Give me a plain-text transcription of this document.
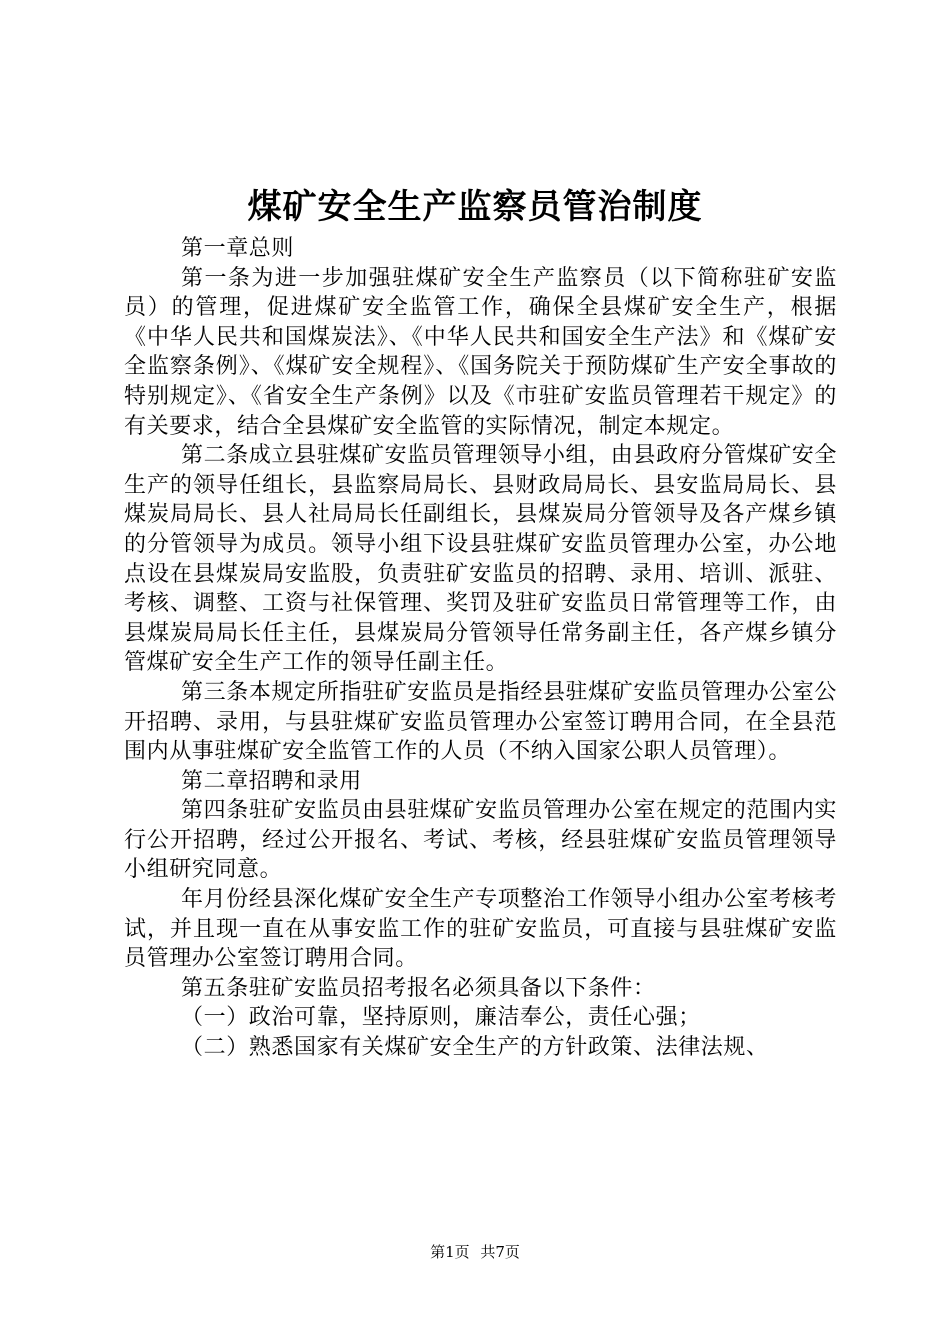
煤矿安全生产监察员管治制度

第一章总则

第一条为进一步加强驻煤矿安全生产监察员（以下简称驻矿安监员）的管理，促进煤矿安全监管工作，确保全县煤矿安全生产，根据《中华人民共和国煤炭法》、《中华人民共和国安全生产法》和《煤矿安全监察条例》、《煤矿安全规程》、《国务院关于预防煤矿生产安全事故的特别规定》、《省安全生产条例》以及《市驻矿安监员管理若干规定》的有关要求，结合全县煤矿安全监管的实际情况，制定本规定。

第二条成立县驻煤矿安监员管理领导小组，由县政府分管煤矿安全生产的领导任组长，县监察局局长、县财政局局长、县安监局局长、县煤炭局局长、县人社局局长任副组长，县煤炭局分管领导及各产煤乡镇的分管领导为成员。领导小组下设县驻煤矿安监员管理办公室，办公地点设在县煤炭局安监股，负责驻矿安监员的招聘、录用、培训、派驻、考核、调整、工资与社保管理、奖罚及驻矿安监员日常管理等工作，由县煤炭局局长任主任，县煤炭局分管领导任常务副主任，各产煤乡镇分管煤矿安全生产工作的领导任副主任。

第三条本规定所指驻矿安监员是指经县驻煤矿安监员管理办公室公开招聘、录用，与县驻煤矿安监员管理办公室签订聘用合同，在全县范围内从事驻煤矿安全监管工作的人员（不纳入国家公职人员管理）。

第二章招聘和录用

第四条驻矿安监员由县驻煤矿安监员管理办公室在规定的范围内实行公开招聘，经过公开报名、考试、考核，经县驻煤矿安监员管理领导小组研究同意。

年月份经县深化煤矿安全生产专项整治工作领导小组办公室考核考试，并且现一直在从事安监工作的驻矿安监员，可直接与县驻煤矿安监员管理办公室签订聘用合同。

第五条驻矿安监员招考报名必须具备以下条件：

（一）政治可靠，坚持原则，廉洁奉公，责任心强；

（二）熟悉国家有关煤矿安全生产的方针政策、法律法规、

第1页 共7页
